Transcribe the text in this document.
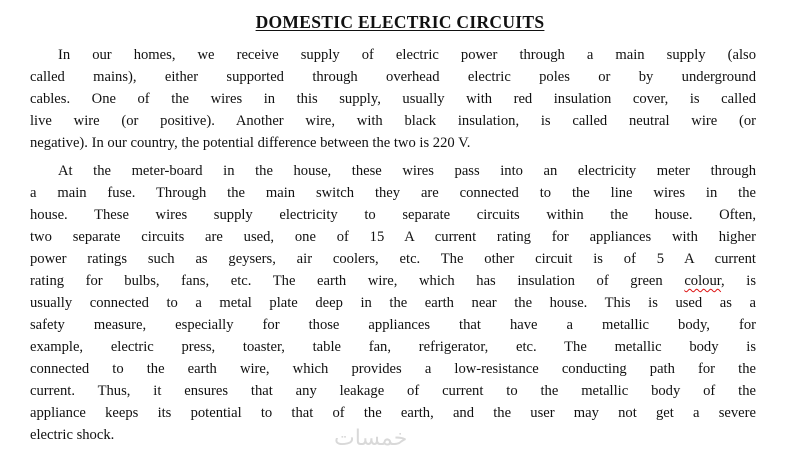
DOMESTIC ELECTRIC CIRCUITS

In our homes, we receive supply of electric power through a main supply (also

called mains), either supported through overhead electric poles or by underground

cables. One of the wires in this supply, usually with red insulation cover, is called

live wire (or positive). Another wire, with black insulation, is called neutral wire (or

negative). In our country, the potential difference between the two is 220 V.

At the meter-board in the house, these wires pass into an electricity meter through

a main fuse. Through the main switch they are connected to the line wires in the

house. These wires supply electricity to separate circuits within the house. Often,

two separate circuits are used, one of 15 A current rating for appliances with higher

power ratings such as geysers, air coolers, etc. The other circuit is of 5 A current

rating for bulbs, fans, etc. The earth wire, which has insulation of green colour, is

usually connected to a metal plate deep in the earth near the house. This is used as a

safety measure, especially for those appliances that have a metallic body, for

example, electric press, toaster, table fan, refrigerator, etc. The metallic body is

connected to the earth wire, which provides a low-resistance conducting path for the

current. Thus, it ensures that any leakage of current to the metallic body of the

appliance keeps its potential to that of the earth, and the user may not get a severe

electric shock.	خمسات
